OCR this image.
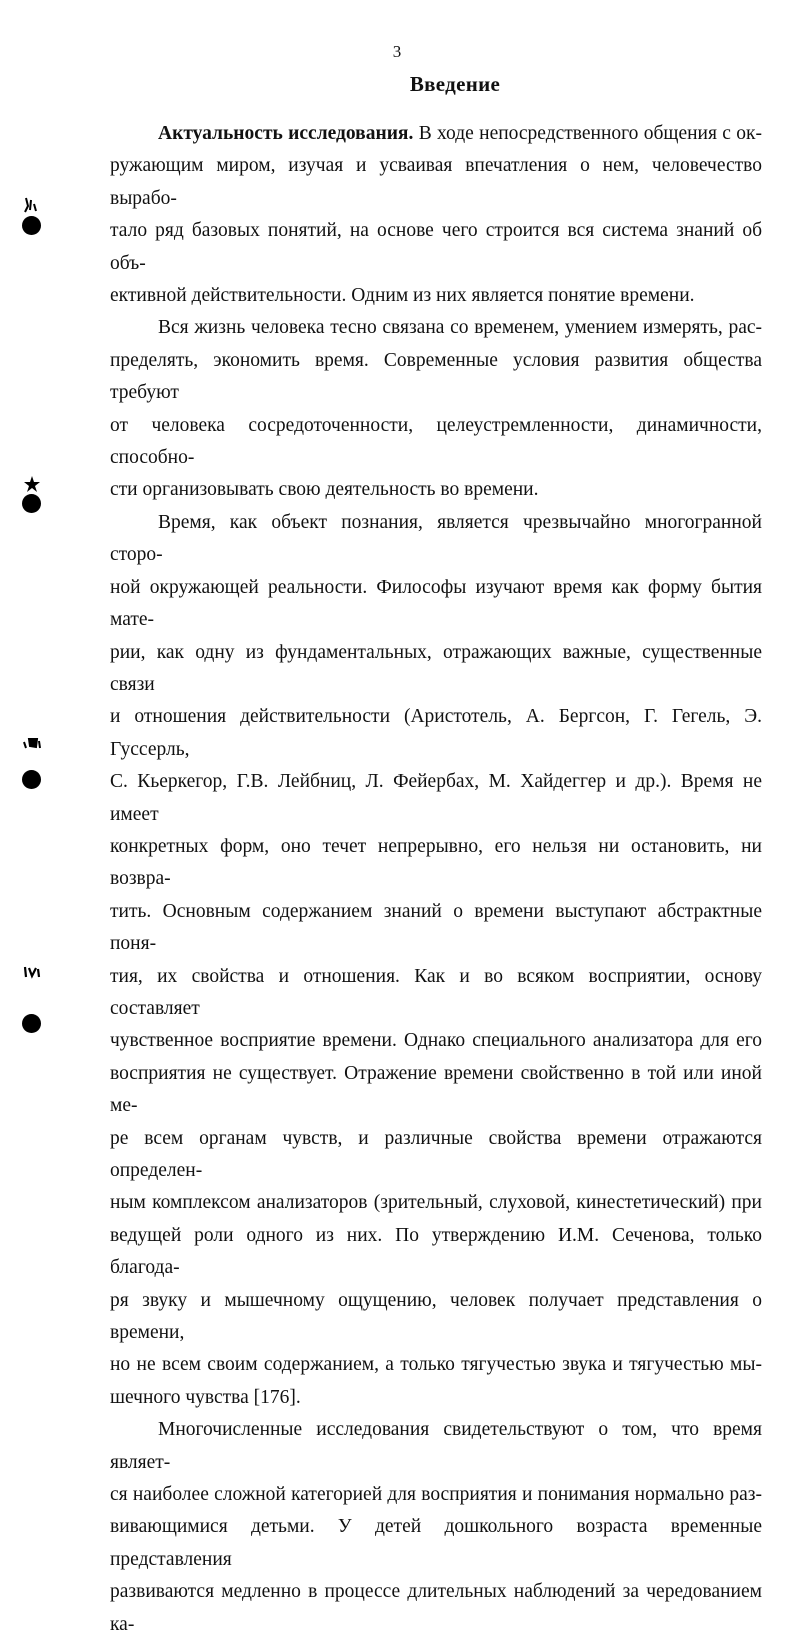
3
Введение

Актуальность исследования. В ходе непосредственного общения с ок-
ружающим миром, изучая и усваивая впечатления о нем, человечество вырабо-
тало ряд базовых понятий, на основе чего строится вся система знаний об объ-
ективной действительности. Одним из них является понятие времени.

Вся жизнь человека тесно связана со временем, умением измерять, рас-
пределять, экономить время. Современные условия развития общества требуют
от человека сосредоточенности, целеустремленности, динамичности, способно-
сти организовывать свою деятельность во времени.

Время, как объект познания, является чрезвычайно многогранной сторо-
ной окружающей реальности. Философы изучают время как форму бытия мате-
рии, как одну из фундаментальных, отражающих важные, существенные связи
и отношения действительности (Аристотель, А. Бергсон, Г. Гегель, Э. Гуссерль,
С. Кьеркегор, Г.В. Лейбниц, Л. Фейербах, М. Хайдеггер и др.). Время не имеет
конкретных форм, оно течет непрерывно, его нельзя ни остановить, ни возвра-
тить. Основным содержанием знаний о времени выступают абстрактные поня-
тия, их свойства и отношения. Как и во всяком восприятии, основу составляет
чувственное восприятие времени. Однако специального анализатора для его
восприятия не существует. Отражение времени свойственно в той или иной ме-
ре всем органам чувств, и различные свойства времени отражаются определен-
ным комплексом анализаторов (зрительный, слуховой, кинестетический) при
ведущей роли одного из них. По утверждению И.М. Сеченова, только благода-
ря звуку и мышечному ощущению, человек получает представления о времени,
но не всем своим содержанием, а только тягучестью звука и тягучестью мы-
шечного чувства [176].

Многочисленные исследования свидетельствуют о том, что время являет-
ся наиболее сложной категорией для восприятия и понимания нормально раз-
вивающимися детьми. У детей дошкольного возраста временные представления
развиваются медленно в процессе длительных наблюдений за чередованием ка-
